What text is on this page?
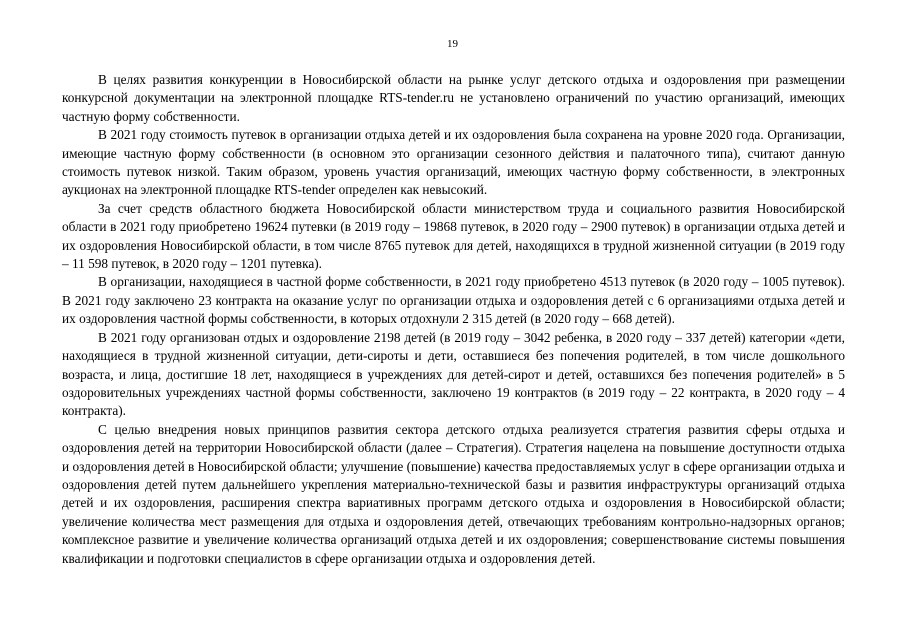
19

В целях развития конкуренции в Новосибирской области на рынке услуг детского отдыха и оздоровления при размещении конкурсной документации на электронной площадке RTS-tender.ru не установлено ограничений по участию организаций, имеющих частную форму собственности.

В 2021 году стоимость путевок в организации отдыха детей и их оздоровления была сохранена на уровне 2020 года. Организации, имеющие частную форму собственности (в основном это организации сезонного действия и палаточного типа), считают данную стоимость путевок низкой. Таким образом, уровень участия организаций, имеющих частную форму собственности, в электронных аукционах на электронной площадке RTS-tender определен как невысокий.

За счет средств областного бюджета Новосибирской области министерством труда и социального развития Новосибирской области в 2021 году приобретено 19624 путевки (в 2019 году – 19868 путевок, в 2020 году – 2900 путевок) в организации отдыха детей и их оздоровления Новосибирской области, в том числе 8765 путевок для детей, находящихся в трудной жизненной ситуации (в 2019 году – 11 598 путевок, в 2020 году – 1201 путевка).

В организации, находящиеся в частной форме собственности, в 2021 году приобретено 4513 путевок (в 2020 году – 1005 путевок). В 2021 году заключено 23 контракта на оказание услуг по организации отдыха и оздоровления детей с 6 организациями отдыха детей и их оздоровления частной формы собственности, в которых отдохнули 2 315 детей (в 2020 году – 668 детей).

В 2021 году организован отдых и оздоровление 2198 детей (в 2019 году – 3042 ребенка, в 2020 году – 337 детей) категории «дети, находящиеся в трудной жизненной ситуации, дети-сироты и дети, оставшиеся без попечения родителей, в том числе дошкольного возраста, и лица, достигшие 18 лет, находящиеся в учреждениях для детей-сирот и детей, оставшихся без попечения родителей» в 5 оздоровительных учреждениях частной формы собственности, заключено 19 контрактов (в 2019 году – 22 контракта, в 2020 году – 4 контракта).

С целью внедрения новых принципов развития сектора детского отдыха реализуется стратегия развития сферы отдыха и оздоровления детей на территории Новосибирской области (далее – Стратегия). Стратегия нацелена на повышение доступности отдыха и оздоровления детей в Новосибирской области; улучшение (повышение) качества предоставляемых услуг в сфере организации отдыха и оздоровления детей путем дальнейшего укрепления материально-технической базы и развития инфраструктуры организаций отдыха детей и их оздоровления, расширения спектра вариативных программ детского отдыха и оздоровления в Новосибирской области; увеличение количества мест размещения для отдыха и оздоровления детей, отвечающих требованиям контрольно-надзорных органов; комплексное развитие и увеличение количества организаций отдыха детей и их оздоровления; совершенствование системы повышения квалификации и подготовки специалистов в сфере организации отдыха и оздоровления детей.
